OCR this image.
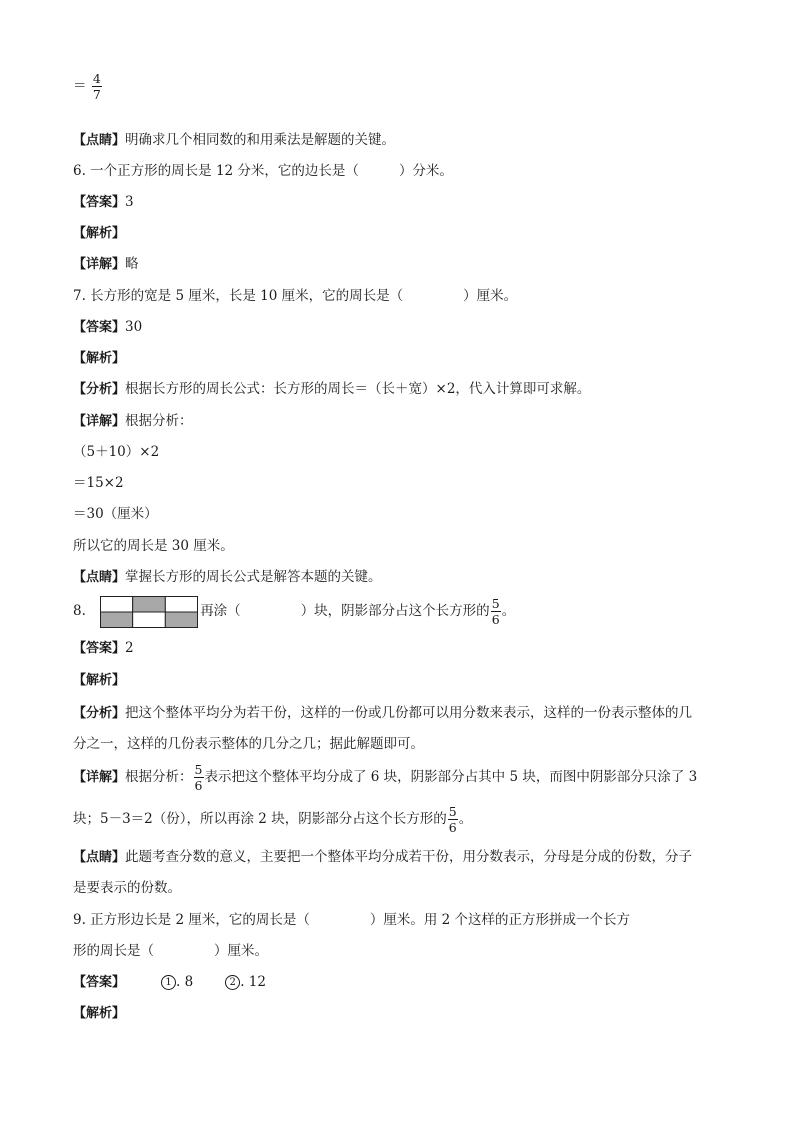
＝ $\frac{4}{7}$
【点睛】明确求几个相同数的和用乘法是解题的关键。
6. 一个正方形的周长是 12 分米，它的边长是（	）分米。
【答案】3
【解析】
【详解】略
7. 长方形的宽是 5 厘米，长是 10 厘米，它的周长是（	）厘米。
【答案】30
【解析】
【分析】根据长方形的周长公式：长方形的周长＝（长＋宽）×2，代入计算即可求解。
【详解】根据分析：
（5＋10）×2
＝15×2
＝30（厘米）
所以它的周长是 30 厘米。
【点睛】掌握长方形的周长公式是解答本题的关键。
8.	再涂（	）块，阴影部分占这个长方形的 $\frac{5}{6}$ 。
【答案】2
【解析】
【分析】把这个整体平均分为若干份，这样的一份或几份都可以用分数来表示，这样的一份表示整体的几
分之一，这样的几份表示整体的几分之几；据此解题即可。
【详解】根据分析： $\frac{5}{6}$ 表示把这个整体平均分成了 6 块，阴影部分占其中 5 块，而图中阴影部分只涂了 3
块；5－3＝2（份），所以再涂 2 块，阴影部分占这个长方形的 $\frac{5}{6}$ 。
【点睛】此题考查分数的意义，主要把一个整体平均分成若干份，用分数表示，分母是分成的份数，分子
是要表示的份数。
9. 正方形边长是 2 厘米，它的周长是（	）厘米。用 2 个这样的正方形拼成一个长方
形的周长是（	）厘米。
【答案】	1 . 8	2 . 12
【解析】
